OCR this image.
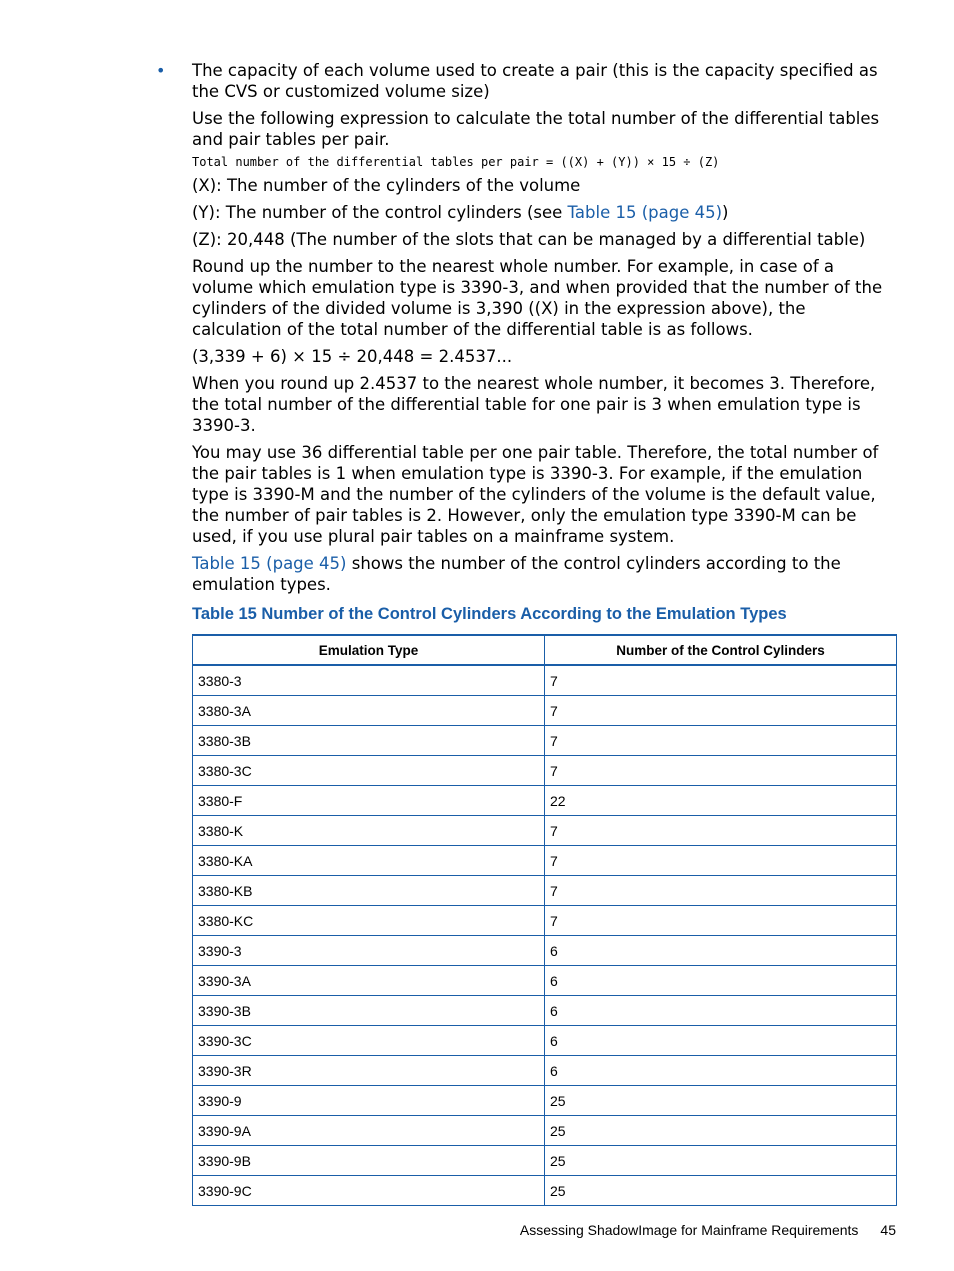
• The capacity of each volume used to create a pair (this is the capacity specified as the CVS or customized volume size)

Use the following expression to calculate the total number of the differential tables and pair tables per pair.

Total number of the differential tables per pair = ((X) + (Y)) × 15 ÷ (Z)

(X): The number of the cylinders of the volume

(Y): The number of the control cylinders (see Table 15 (page 45))

(Z): 20,448 (The number of the slots that can be managed by a differential table)

Round up the number to the nearest whole number. For example, in case of a volume which emulation type is 3390-3, and when provided that the number of the cylinders of the divided volume is 3,390 ((X) in the expression above), the calculation of the total number of the differential table is as follows.

(3,339 + 6) × 15 ÷ 20,448 = 2.4537...

When you round up 2.4537 to the nearest whole number, it becomes 3. Therefore, the total number of the differential table for one pair is 3 when emulation type is 3390-3.

You may use 36 differential table per one pair table. Therefore, the total number of the pair tables is 1 when emulation type is 3390-3. For example, if the emulation type is 3390-M and the number of the cylinders of the volume is the default value, the number of pair tables is 2. However, only the emulation type 3390-M can be used, if you use plural pair tables on a mainframe system.

Table 15 (page 45) shows the number of the control cylinders according to the emulation types.

Table 15 Number of the Control Cylinders According to the Emulation Types
Emulation Type	Number of the Control Cylinders
3380-3	7
3380-3A	7
3380-3B	7
3380-3C	7
3380-F	22
3380-K	7
3380-KA	7
3380-KB	7
3380-KC	7
3390-3	6
3390-3A	6
3390-3B	6
3390-3C	6
3390-3R	6
3390-9	25
3390-9A	25
3390-9B	25
3390-9C	25
Assessing ShadowImage for Mainframe Requirements 45
